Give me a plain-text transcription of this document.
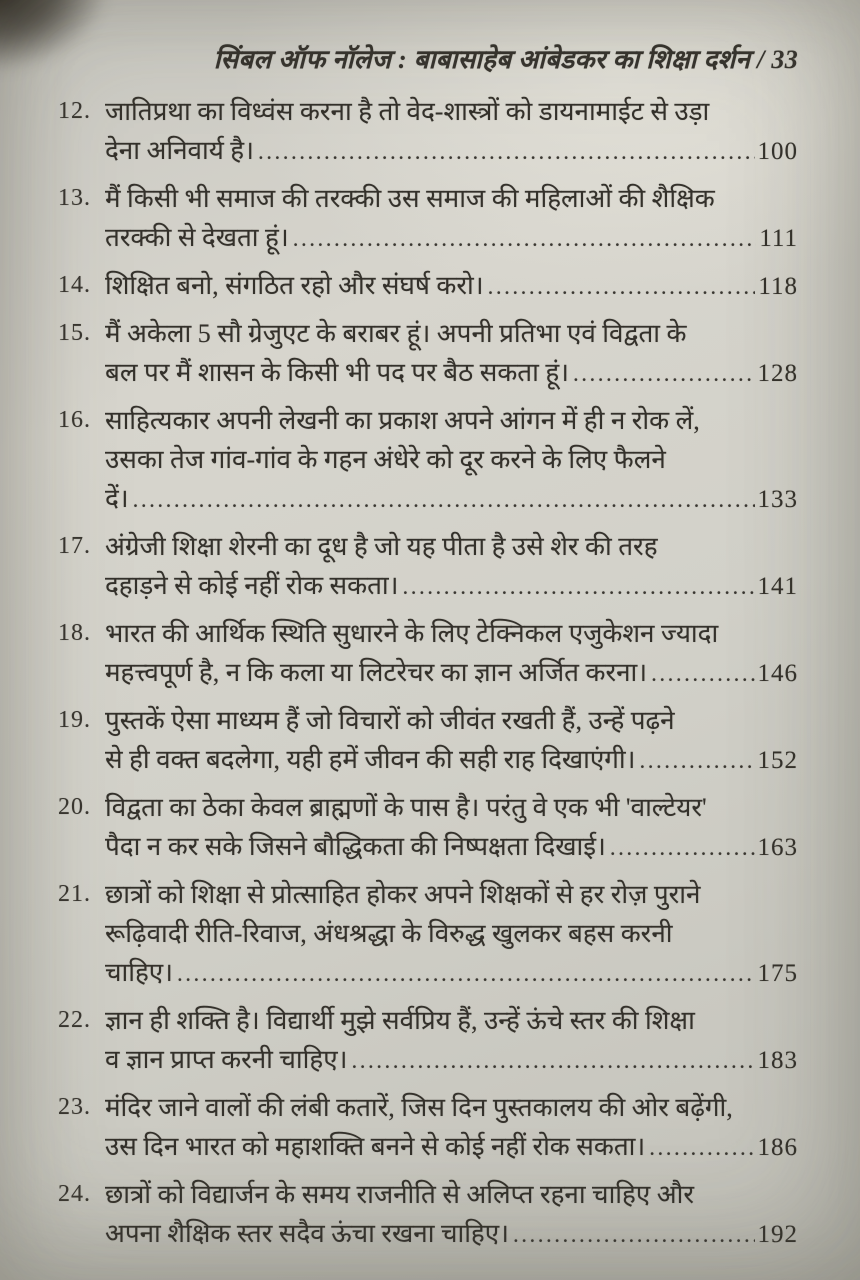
सिंबल ऑफ नॉलेज : बाबासाहेब आंबेडकर का शिक्षा दर्शन / 33
12. जातिप्रथा का विध्वंस करना है तो वेद-शास्त्रों को डायनामाईट से उड़ा
देना अनिवार्य है। .....	100
13. मैं किसी भी समाज की तरक्की उस समाज की महिलाओं की शैक्षिक
तरक्की से देखता हूं। .....	111
14. शिक्षित बनो, संगठित रहो और संघर्ष करो। .....	118
15. मैं अकेला 5 सौ ग्रेजुएट के बराबर हूं। अपनी प्रतिभा एवं विद्वता के
बल पर मैं शासन के किसी भी पद पर बैठ सकता हूं। .....	128
16. साहित्यकार अपनी लेखनी का प्रकाश अपने आंगन में ही न रोक लें,
उसका तेज गांव-गांव के गहन अंधेरे को दूर करने के लिए फैलने
दें। .....	133
17. अंग्रेजी शिक्षा शेरनी का दूध है जो यह पीता है उसे शेर की तरह
दहाड़ने से कोई नहीं रोक सकता। .....	141
18. भारत की आर्थिक स्थिति सुधारने के लिए टेक्निकल एजुकेशन ज्यादा
महत्त्वपूर्ण है, न कि कला या लिटरेचर का ज्ञान अर्जित करना। .....	146
19. पुस्तकें ऐसा माध्यम हैं जो विचारों को जीवंत रखती हैं, उन्हें पढ़ने
से ही वक्त बदलेगा, यही हमें जीवन की सही राह दिखाएंगी। .....	152
20. विद्वता का ठेका केवल ब्राह्मणों के पास है। परंतु वे एक भी 'वाल्टेयर'
पैदा न कर सके जिसने बौद्धिकता की निष्पक्षता दिखाई। .....	163
21. छात्रों को शिक्षा से प्रोत्साहित होकर अपने शिक्षकों से हर रोज़ पुराने
रूढ़िवादी रीति-रिवाज, अंधश्रद्धा के विरुद्ध खुलकर बहस करनी
चाहिए। .....	175
22. ज्ञान ही शक्ति है। विद्यार्थी मुझे सर्वप्रिय हैं, उन्हें ऊंचे स्तर की शिक्षा
व ज्ञान प्राप्त करनी चाहिए। .....	183
23. मंदिर जाने वालों की लंबी कतारें, जिस दिन पुस्तकालय की ओर बढ़ेंगी,
उस दिन भारत को महाशक्ति बनने से कोई नहीं रोक सकता। .....	186
24. छात्रों को विद्यार्जन के समय राजनीति से अलिप्त रहना चाहिए और
अपना शैक्षिक स्तर सदैव ऊंचा रखना चाहिए। .....	192
